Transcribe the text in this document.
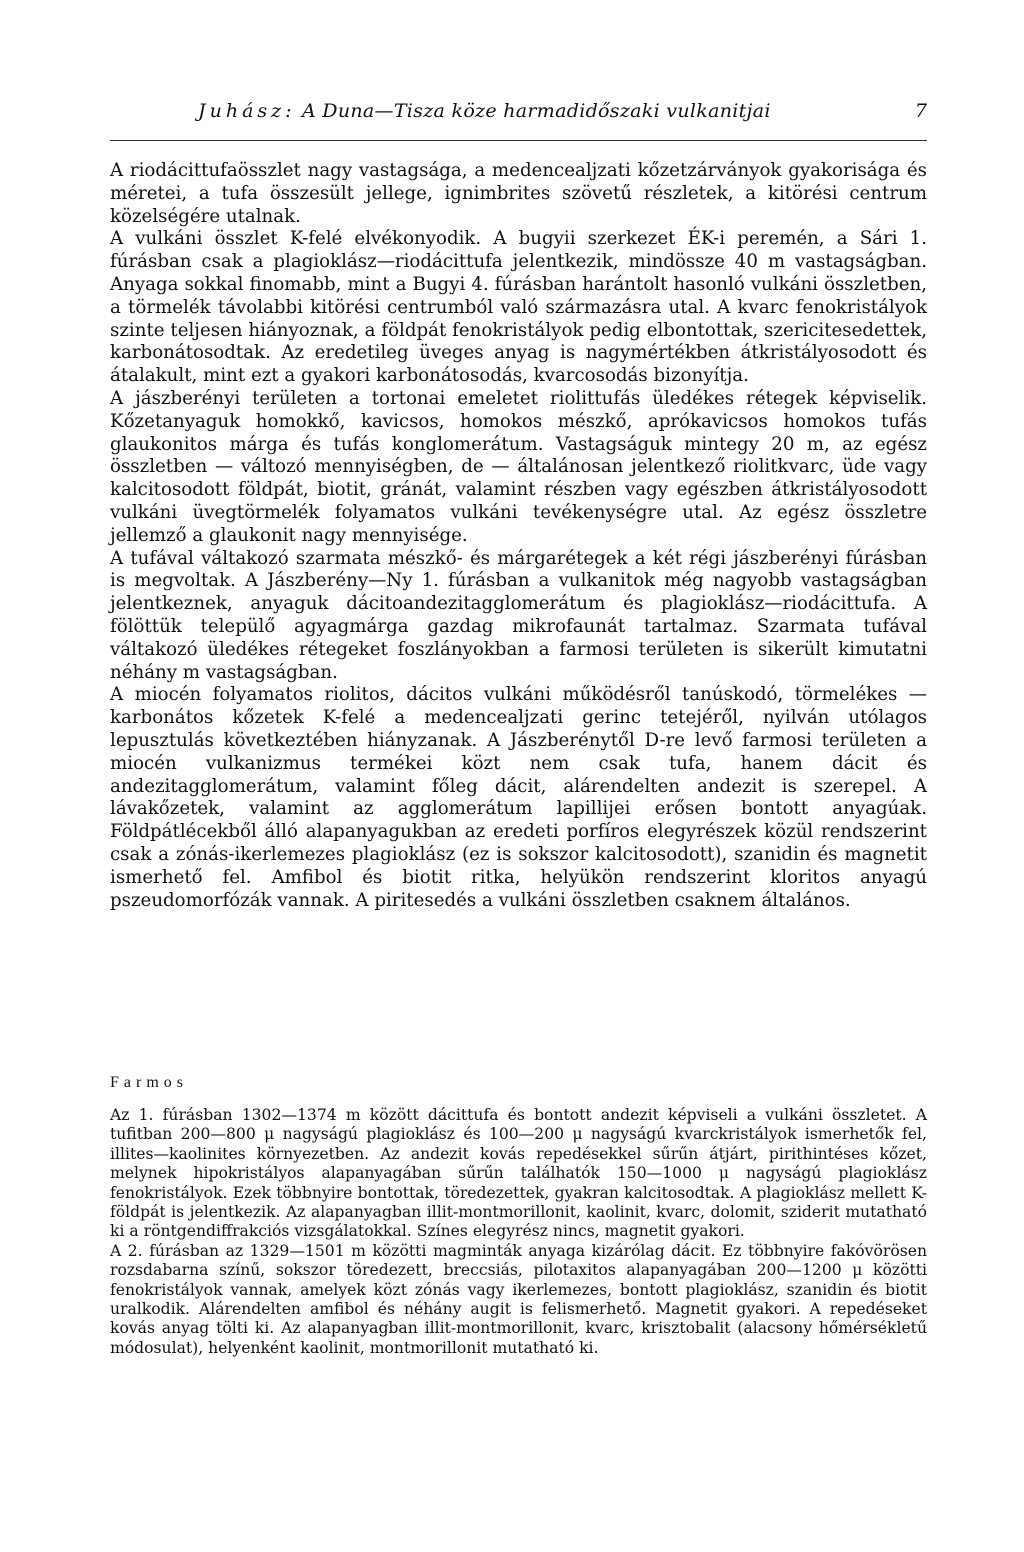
Juhász: A Duna—Tisza köze harmadidőszaki vulkanitjai	7

A riodácittufaösszlet nagy vastagsága, a medencealjzati kőzetzárványok gyakorisága és méretei, a tufa összesült jellege, ignimbrites szövetű részletek, a kitörési centrum közelségére utalnak.

A vulkáni összlet K-felé elvékonyodik. A bugyii szerkezet ÉK-i peremén, a Sári 1. fúrásban csak a plagioklász—riodácittufa jelentkezik, mindössze 40 m vastagságban. Anyaga sokkal finomabb, mint a Bugyi 4. fúrásban harántolt hasonló vulkáni összletben, a törmelék távolabbi kitörési centrumból való származásra utal. A kvarc fenokristályok szinte teljesen hiányoznak, a földpát fenokristályok pedig elbontottak, szericitesedettek, karbonátosodtak. Az eredetileg üveges anyag is nagymértékben átkristályosodott és átalakult, mint ezt a gyakori karbonátosodás, kvarcosodás bizonyítja.

A jászberényi területen a tortonai emeletet riolittufás üledékes rétegek képviselik. Kőzetanyaguk homokkő, kavicsos, homokos mészkő, aprókavicsos homokos tufás glaukonitos márga és tufás konglomerátum. Vastagságuk mintegy 20 m, az egész összletben — változó mennyiségben, de — általánosan jelentkező riolitkvarc, üde vagy kalcitosodott földpát, biotit, gránát, valamint részben vagy egészben átkristályosodott vulkáni üvegtörmelék folyamatos vulkáni tevékenységre utal. Az egész összletre jellemző a glaukonit nagy mennyisége.

A tufával váltakozó szarmata mészkő- és márgarétegek a két régi jászberényi fúrásban is megvoltak. A Jászberény—Ny 1. fúrásban a vulkanitok még nagyobb vastagságban jelentkeznek, anyaguk dácitoandezitagglomerátum és plagioklász—riodácittufa. A fölöttük települő agyagmárga gazdag mikrofaunát tartalmaz. Szarmata tufával váltakozó üledékes rétegeket foszlányokban a farmosi területen is sikerült kimutatni néhány m vastagságban.

A miocén folyamatos riolitos, dácitos vulkáni működésről tanúskodó, törmelékes — karbonátos kőzetek K-felé a medencealjzati gerinc tetejéről, nyilván utólagos lepusztulás következtében hiányzanak. A Jászberénytől D-re levő farmosi területen a miocén vulkanizmus termékei közt nem csak tufa, hanem dácit és andezitagglomerátum, valamint főleg dácit, alárendelten andezit is szerepel. A lávakőzetek, valamint az agglomerátum lapillijei erősen bontott anyagúak. Földpátlécekből álló alapanyagukban az eredeti porfíros elegyrészek közül rendszerint csak a zónás-ikerlemezes plagioklász (ez is sokszor kalcitosodott), szanidin és magnetit ismerhető fel. Amfibol és biotit ritka, helyükön rendszerint kloritos anyagú pszeudomorfózák vannak. A piritesedés a vulkáni összletben csaknem általános.

Farmos

Az 1. fúrásban 1302—1374 m között dácittufa és bontott andezit képviseli a vulkáni összletet. A tufitban 200—800 μ nagyságú plagioklász és 100—200 μ nagyságú kvarckristályok ismerhetők fel, illites—kaolinites környezetben. Az andezit kovás repedésekkel sűrűn átjárt, pirithintéses kőzet, melynek hipokristályos alapanyagában sűrűn találhatók 150—1000 μ nagyságú plagioklász fenokristályok. Ezek többnyire bontottak, töredezettek, gyakran kalcitosodtak. A plagioklász mellett K-földpát is jelentkezik. Az alapanyagban illit-montmorillonit, kaolinit, kvarc, dolomit, sziderit mutatható ki a röntgendiffrakciós vizsgálatokkal. Színes elegyrész nincs, magnetit gyakori.

A 2. fúrásban az 1329—1501 m közötti magminták anyaga kizárólag dácit. Ez többnyire fakóvörösen rozsdabarna színű, sokszor töredezett, breccsiás, pilotaxitos alapanyagában 200—1200 μ közötti fenokristályok vannak, amelyek közt zónás vagy ikerlemezes, bontott plagioklász, szanidin és biotit uralkodik. Alárendelten amfibol és néhány augit is felismerhető. Magnetit gyakori. A repedéseket kovás anyag tölti ki. Az alapanyagban illit-montmorillonit, kvarc, krisztobalit (alacsony hőmérsékletű módosulat), helyenként kaolinit, montmorillonit mutatható ki.
